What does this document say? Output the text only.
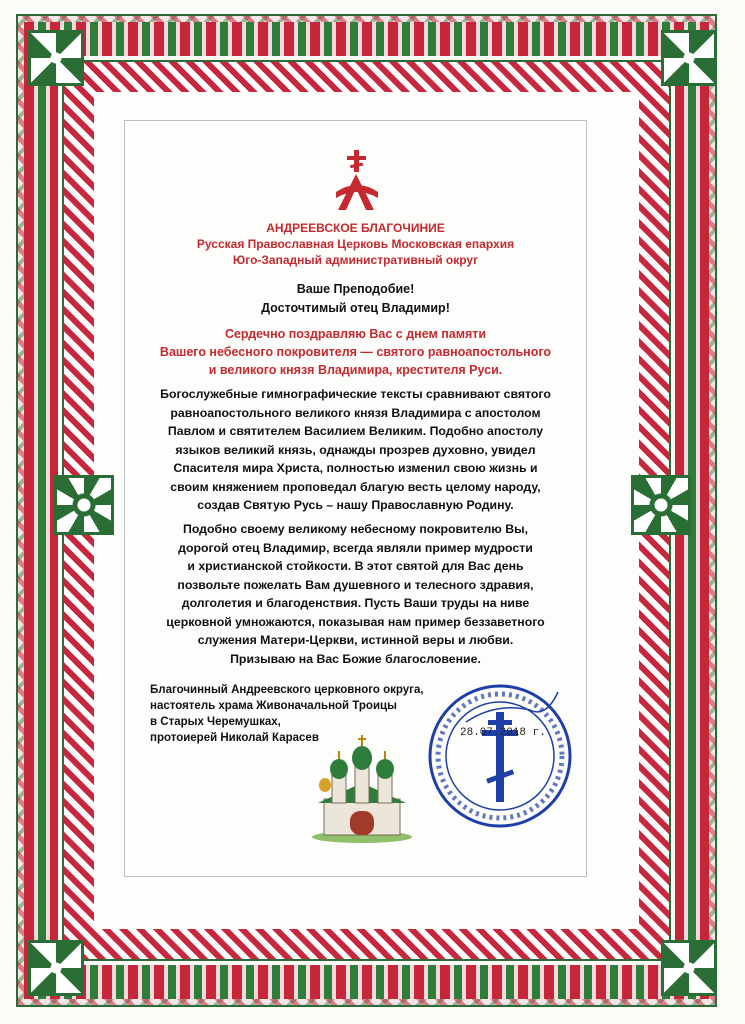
АНДРЕЕВСКОЕ БЛАГОЧИНИЕ
Русская Православная Церковь Московская епархия
Юго-Западный административный округ
Ваше Преподобие!
Досточтимый отец Владимир!
Сердечно поздравляю Вас с днем памяти
Вашего небесного покровителя — святого равноапостольного
и великого князя Владимира, крестителя Руси.
Богослужебные гимнографические тексты сравнивают святого
равноапостольного великого князя Владимира с апостолом
Павлом и святителем Василием Великим. Подобно апостолу
языков великий князь, однажды прозрев духовно, увидел
Спасителя мира Христа, полностью изменил свою жизнь и
своим княжением проповедал благую весть целому народу,
создав Святую Русь – нашу Православную Родину.
Подобно своему великому небесному покровителю Вы,
дорогой отец Владимир, всегда являли пример мудрости
и христианской стойкости. В этот святой для Вас день
позвольте пожелать Вам душевного и телесного здравия,
долголетия и благоденствия. Пусть Ваши труды на ниве
церковной умножаются, показывая нам пример беззаветного
служения Матери-Церкви, истинной веры и любви.
Призываю на Вас Божие благословение.
Благочинный Андреевского церковного округа,
настоятель храма Живоначальной Троицы
в Старых Черемушках,
протоиерей Николай Карасев	28.07.2018 г.
